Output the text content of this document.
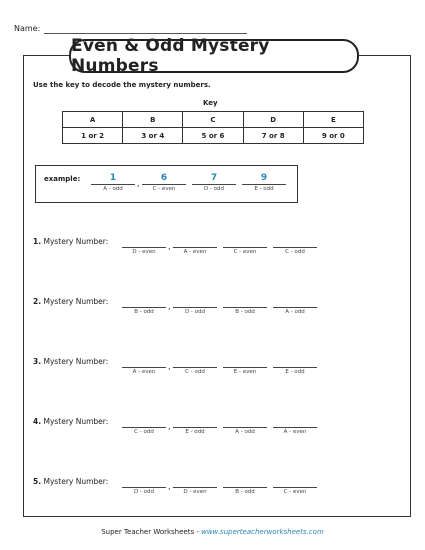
Name:
Even & Odd Mystery Numbers
Use the key to decode the mystery numbers.
Key
A	B	C	D	E
1 or 2	3 or 4	5 or 6	7 or 8	9 or 0
example:	1
A - odd
,
6
C - even
7
D - odd
9
E - odd
1. Mystery Number:
D - even
,
A - even	C - even	C - odd
2. Mystery Number:
B - odd
,
D - odd	B - odd	A - odd
3. Mystery Number:
A - even
,
C - odd	E - even	E - odd
4. Mystery Number:
C - odd
,
E - odd	A - odd	A - even
5. Mystery Number:
D - odd
,
D - even	B - odd	C - even
Super Teacher Worksheets - www.superteacherworksheets.com
